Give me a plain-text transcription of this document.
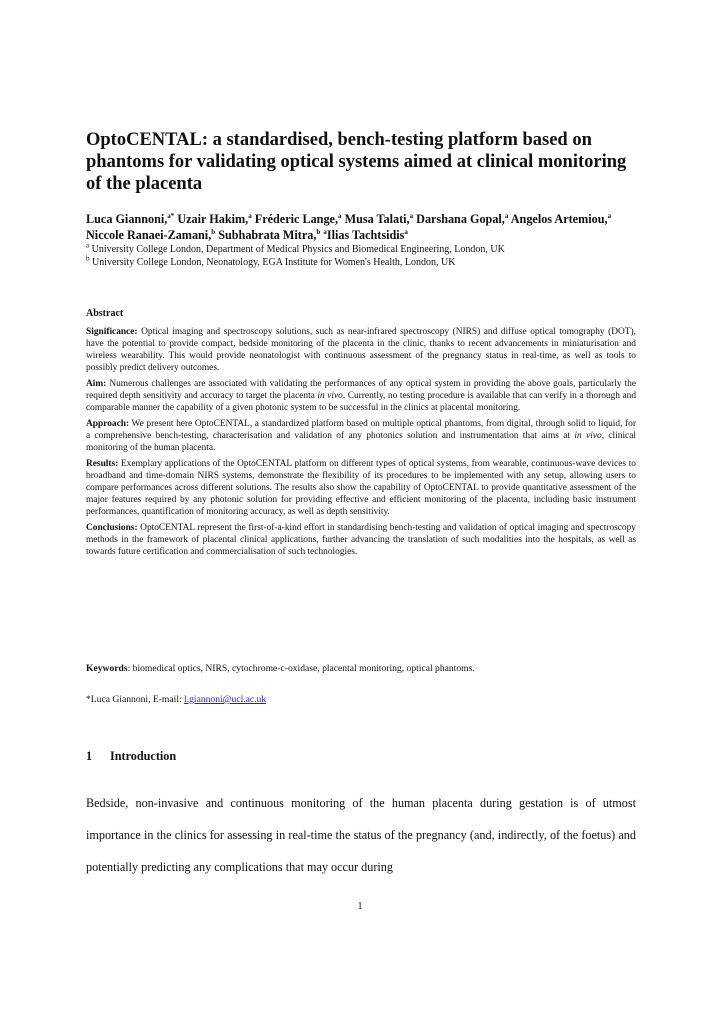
OptoCENTAL: a standardised, bench-testing platform based on phantoms for validating optical systems aimed at clinical monitoring of the placenta
Luca Giannoni,$^{a*}$ Uzair Hakim,$^a$ Fréderic Lange,$^a$ Musa Talati,$^a$ Darshana Gopal,$^a$ Angelos Artemiou,$^a$ Niccole Ranaei-Zamani,$^b$ Subhabrata Mitra,$^b$ $^a$Ilias Tachtsidis$^a$
$^a$ University College London, Department of Medical Physics and Biomedical Engineering, London, UK
$^b$ University College London, Neonatology, EGA Institute for Women's Health, London, UK
Abstract

Significance: Optical imaging and spectroscopy solutions, such as near-infrared spectroscopy (NIRS) and diffuse optical tomography (DOT), have the potential to provide compact, bedside monitoring of the placenta in the clinic, thanks to recent advancements in miniaturisation and wireless wearability. This would provide neonatologist with continuous assessment of the pregnancy status in real-time, as well as tools to possibly predict delivery outcomes.

Aim: Numerous challenges are associated with validating the performances of any optical system in providing the above goals, particularly the required depth sensitivity and accuracy to target the placenta in vivo. Currently, no testing procedure is available that can verify in a thorough and comparable manner the capability of a given photonic system to be successful in the clinics at placental monitoring.

Approach: We present here OptoCENTAL, a standardized platform based on multiple optical phantoms, from digital, through solid to liquid, for a comprehensive bench-testing, characterisation and validation of any photonics solution and instrumentation that aims at in vivo, clinical monitoring of the human placenta.

Results: Exemplary applications of the OptoCENTAL platform on different types of optical systems, from wearable, continuous-wave devices to broadband and time-domain NIRS systems, demonstrate the flexibility of its procedures to be implemented with any setup, allowing users to compare performances across different solutions. The results also show the capability of OptoCENTAL to provide quantitative assessment of the major features required by any photonic solution for providing effective and efficient monitoring of the placenta, including basic instrument performances, quantification of monitoring accuracy, as well as depth sensitivity.

Conclusions: OptoCENTAL represent the first-of-a-kind effort in standardising bench-testing and validation of optical imaging and spectroscopy methods in the framework of placental clinical applications, further advancing the translation of such modalities into the hospitals, as well as towards future certification and commercialisation of such technologies.

Keywords: biomedical optics, NIRS, cytochrome-c-oxidase, placental monitoring, optical phantoms.
*Luca Giannoni, E-mail: l.giannoni@ucl.ac.uk
1 Introduction
Bedside, non-invasive and continuous monitoring of the human placenta during gestation is of utmost importance in the clinics for assessing in real-time the status of the pregnancy (and, indirectly, of the foetus) and potentially predicting any complications that may occur during
1
